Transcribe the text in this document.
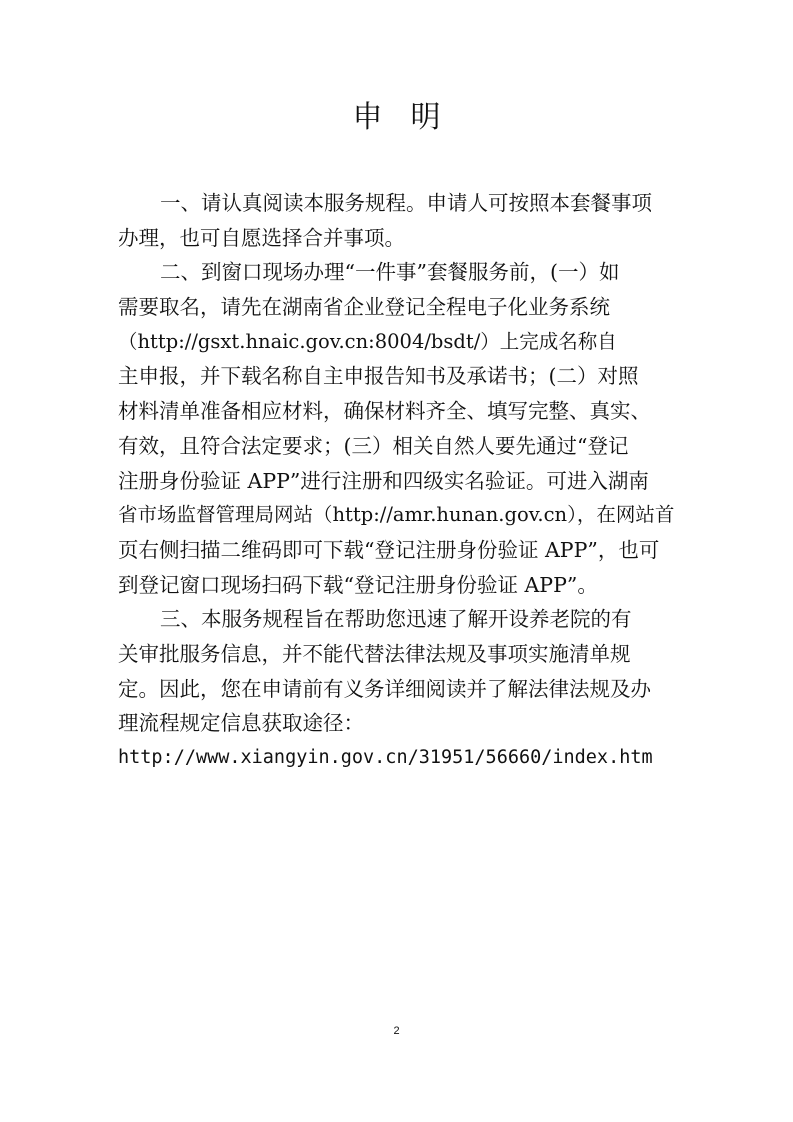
申 明
一、请认真阅读本服务规程。申请人可按照本套餐事项
办理，也可自愿选择合并事项。
二、到窗口现场办理“一件事”套餐服务前，(一）如
需要取名，请先在湖南省企业登记全程电子化业务系统
（http://gsxt.hnaic.gov.cn:8004/bsdt/）上完成名称自
主申报，并下载名称自主申报告知书及承诺书；(二）对照
材料清单准备相应材料，确保材料齐全、填写完整、真实、
有效，且符合法定要求；(三）相关自然人要先通过“登记
注册身份验证 APP”进行注册和四级实名验证。可进入湖南
省市场监督管理局网站（http://amr.hunan.gov.cn），在网站首
页右侧扫描二维码即可下载“登记注册身份验证 APP”，也可
到登记窗口现场扫码下载“登记注册身份验证 APP”。
三、本服务规程旨在帮助您迅速了解开设养老院的有
关审批服务信息，并不能代替法律法规及事项实施清单规
定。因此，您在申请前有义务详细阅读并了解法律法规及办
理流程规定信息获取途径：
http://www.xiangyin.gov.cn/31951/56660/index.htm
2
